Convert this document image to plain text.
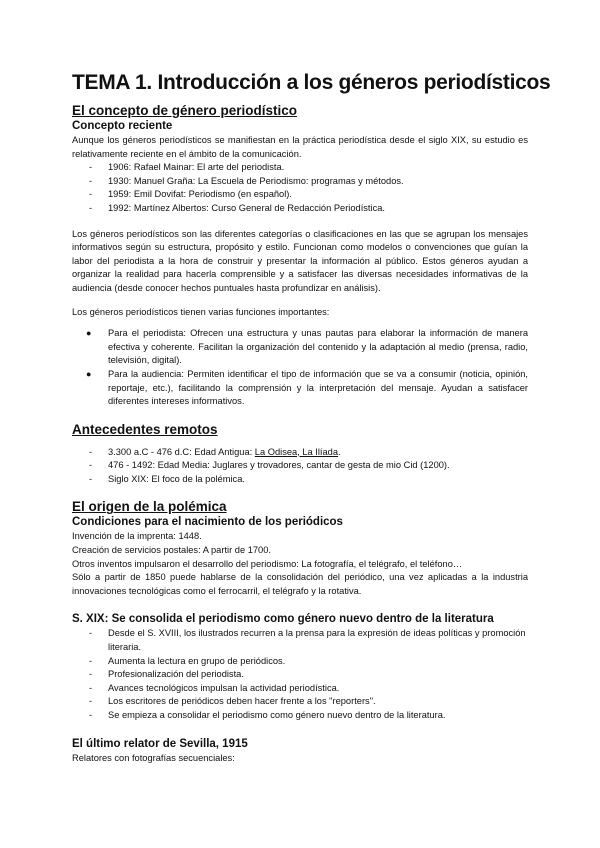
TEMA 1. Introducción a los géneros periodísticos
El concepto de género periodístico
Concepto reciente

Aunque los géneros periodísticos se manifiestan en la práctica periodística desde el siglo XIX, su estudio es relativamente reciente en el ámbito de la comunicación.

- 1906: Rafael Mainar: El arte del periodista.
- 1930: Manuel Graña: La Escuela de Periodismo: programas y métodos.
- 1959: Emil Dovifat: Periodismo (en español).
- 1992: Martínez Albertos: Curso General de Redacción Periodística.

Los géneros periodísticos son las diferentes categorías o clasificaciones en las que se agrupan los mensajes informativos según su estructura, propósito y estilo. Funcionan como modelos o convenciones que guían la labor del periodista a la hora de construir y presentar la información al público. Estos géneros ayudan a organizar la realidad para hacerla comprensible y a satisfacer las diversas necesidades informativas de la audiencia (desde conocer hechos puntuales hasta profundizar en análisis).

Los géneros periodísticos tienen varias funciones importantes:

● Para el periodista: Ofrecen una estructura y unas pautas para elaborar la información de manera efectiva y coherente. Facilitan la organización del contenido y la adaptación al medio (prensa, radio, televisión, digital).
● Para la audiencia: Permiten identificar el tipo de información que se va a consumir (noticia, opinión, reportaje, etc.), facilitando la comprensión y la interpretación del mensaje. Ayudan a satisfacer diferentes intereses informativos.
Antecedentes remotos
- 3.300 a.C - 476 d.C: Edad Antigua: La Odisea, La Ilíada.
- 476 - 1492: Edad Media: Juglares y trovadores, cantar de gesta de mio Cid (1200).
- Siglo XIX: El foco de la polémica.
El origen de la polémica
Condiciones para el nacimiento de los periódicos

Invención de la imprenta: 1448.

Creación de servicios postales: A partir de 1700.

Otros inventos impulsaron el desarrollo del periodismo: La fotografía, el telégrafo, el teléfono…

Sólo a partir de 1850 puede hablarse de la consolidación del periódico, una vez aplicadas a la industria innovaciones tecnológicas como el ferrocarril, el telégrafo y la rotativa.

S. XIX: Se consolida el periodismo como género nuevo dentro de la literatura
- Desde el S. XVIII, los ilustrados recurren a la prensa para la expresión de ideas políticas y promoción literaria.
- Aumenta la lectura en grupo de periódicos.
- Profesionalización del periodista.
- Avances tecnológicos impulsan la actividad periodística.
- Los escritores de periódicos deben hacer frente a los "reporters".
- Se empieza a consolidar el periodismo como género nuevo dentro de la literatura.
El último relator de Sevilla, 1915

Relatores con fotografías secuenciales:
